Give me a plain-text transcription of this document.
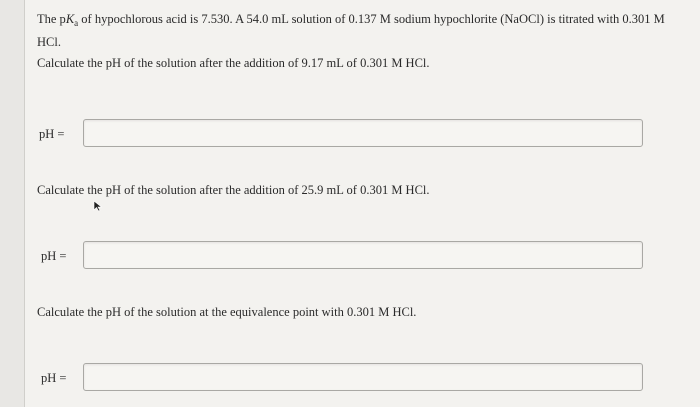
The $pK_a$ of hypochlorous acid is 7.530. A 54.0 mL solution of 0.137 M sodium hypochlorite (NaOCl) is titrated with 0.301 M HCl.
Calculate the pH of the solution after the addition of 9.17 mL of 0.301 M HCl.
pH =
Calculate the pH of the solution after the addition of 25.9 mL of 0.301 M HCl.
pH =
Calculate the pH of the solution at the equivalence point with 0.301 M HCl.
pH =
